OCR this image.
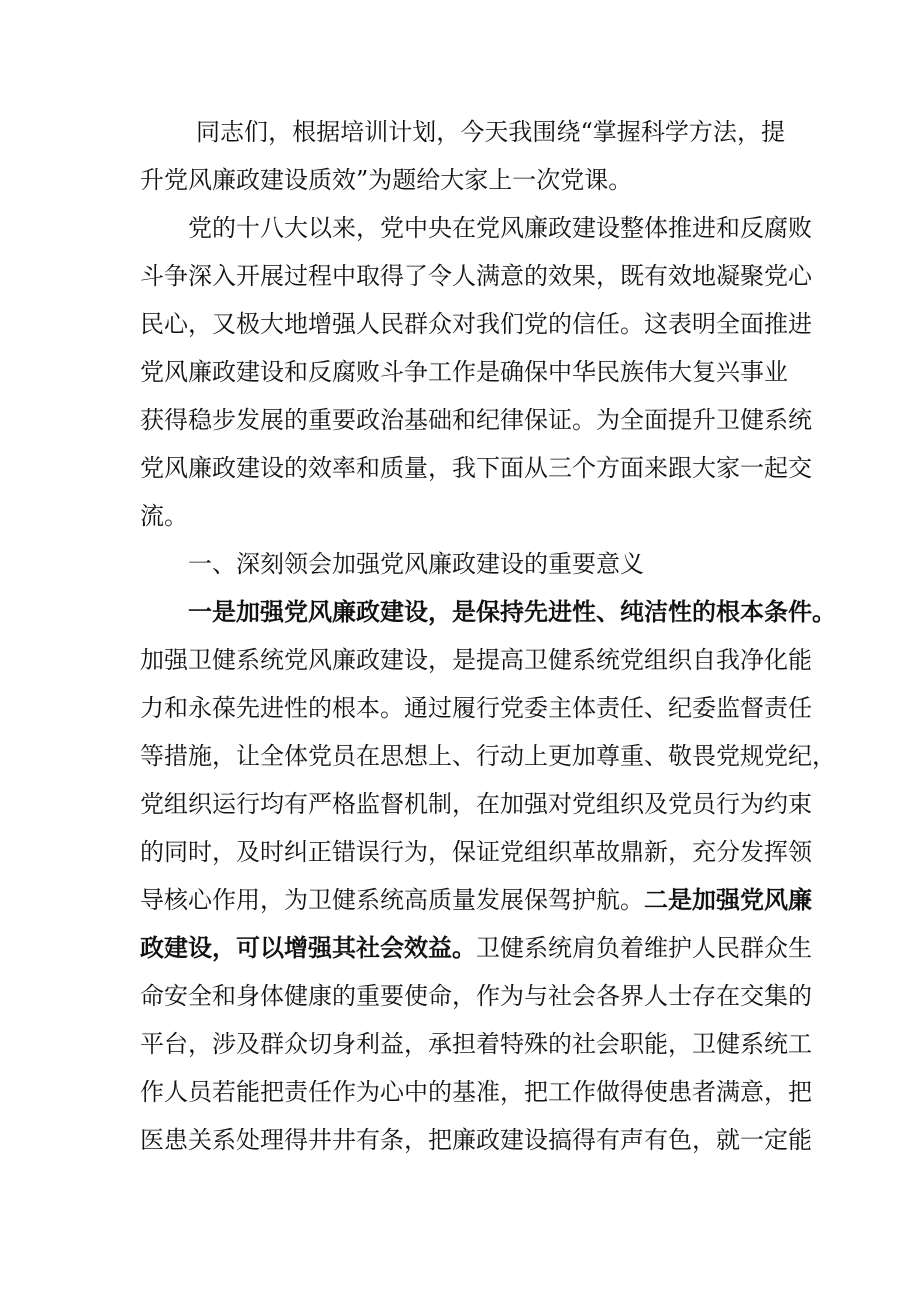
同志们，根据培训计划，今天我围绕“掌握科学方法，提
升党风廉政建设质效”为题给大家上一次党课。
党的十八大以来，党中央在党风廉政建设整体推进和反腐败
斗争深入开展过程中取得了令人满意的效果，既有效地凝聚党心
民心，又极大地增强人民群众对我们党的信任。这表明全面推进
党风廉政建设和反腐败斗争工作是确保中华民族伟大复兴事业
获得稳步发展的重要政治基础和纪律保证。为全面提升卫健系统
党风廉政建设的效率和质量，我下面从三个方面来跟大家一起交
流。
一、深刻领会加强党风廉政建设的重要意义
一是加强党风廉政建设，是保持先进性、纯洁性的根本条件。
加强卫健系统党风廉政建设，是提高卫健系统党组织自我净化能
力和永葆先进性的根本。通过履行党委主体责任、纪委监督责任
等措施，让全体党员在思想上、行动上更加尊重、敬畏党规党纪，
党组织运行均有严格监督机制，在加强对党组织及党员行为约束
的同时，及时纠正错误行为，保证党组织革故鼎新，充分发挥领
导核心作用，为卫健系统高质量发展保驾护航。二是加强党风廉
政建设，可以增强其社会效益。卫健系统肩负着维护人民群众生
命安全和身体健康的重要使命，作为与社会各界人士存在交集的
平台，涉及群众切身利益，承担着特殊的社会职能，卫健系统工
作人员若能把责任作为心中的基准，把工作做得使患者满意，把
医患关系处理得井井有条，把廉政建设搞得有声有色，就一定能
